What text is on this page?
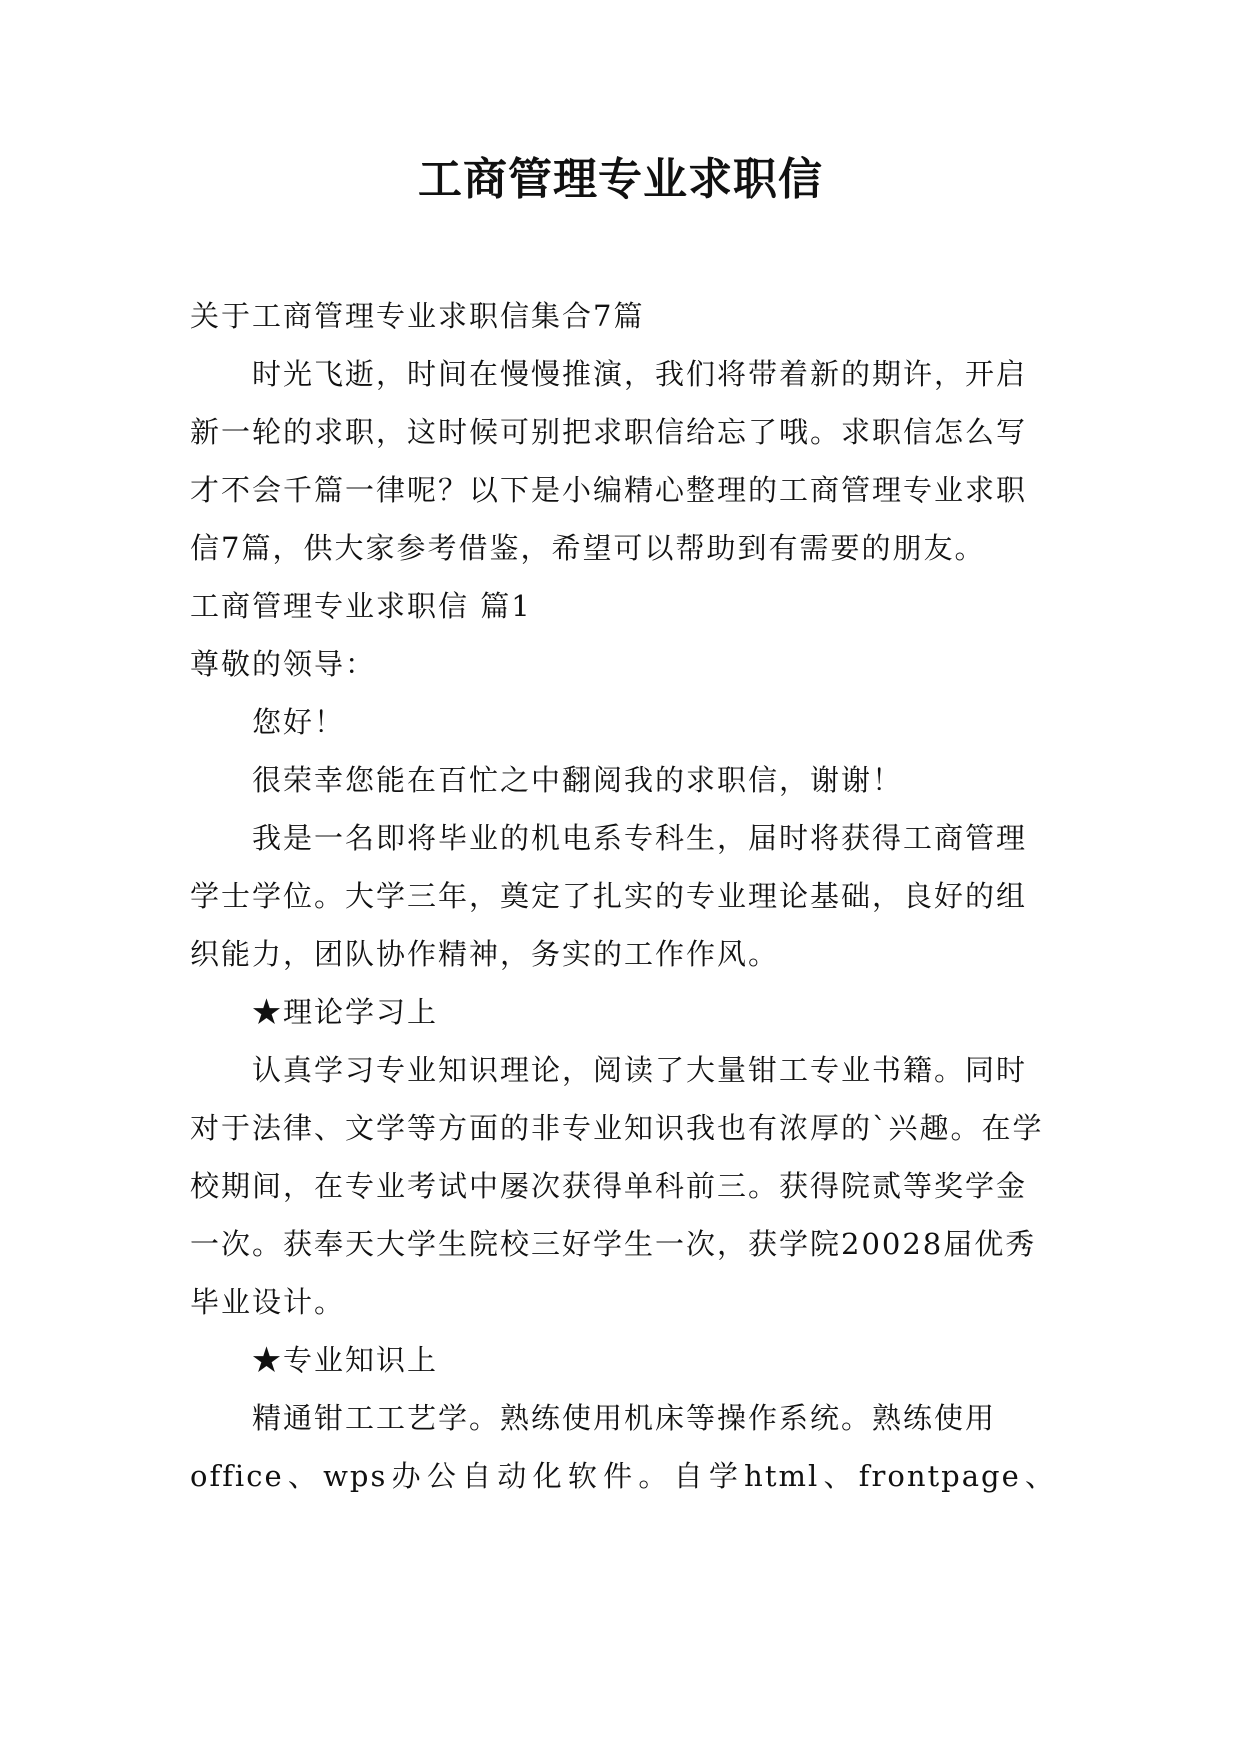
工商管理专业求职信

关于工商管理专业求职信集合7篇

时光飞逝，时间在慢慢推演，我们将带着新的期许，开启新一轮的求职，这时候可别把求职信给忘了哦。求职信怎么写才不会千篇一律呢？以下是小编精心整理的工商管理专业求职信7篇，供大家参考借鉴，希望可以帮助到有需要的朋友。

工商管理专业求职信 篇1

尊敬的领导：

您好！

很荣幸您能在百忙之中翻阅我的求职信，谢谢！

我是一名即将毕业的机电系专科生，届时将获得工商管理学士学位。大学三年，奠定了扎实的专业理论基础，良好的组织能力，团队协作精神，务实的工作作风。

★理论学习上

认真学习专业知识理论，阅读了大量钳工专业书籍。同时对于法律、文学等方面的非专业知识我也有浓厚的`兴趣。在学校期间，在专业考试中屡次获得单科前三。获得院贰等奖学金一次。获奉天大学生院校三好学生一次，获学院20028届优秀毕业设计。

★专业知识上

精通钳工工艺学。熟练使用机床等操作系统。熟练使用

office、wps办公自动化软件。自学html、frontpage、
